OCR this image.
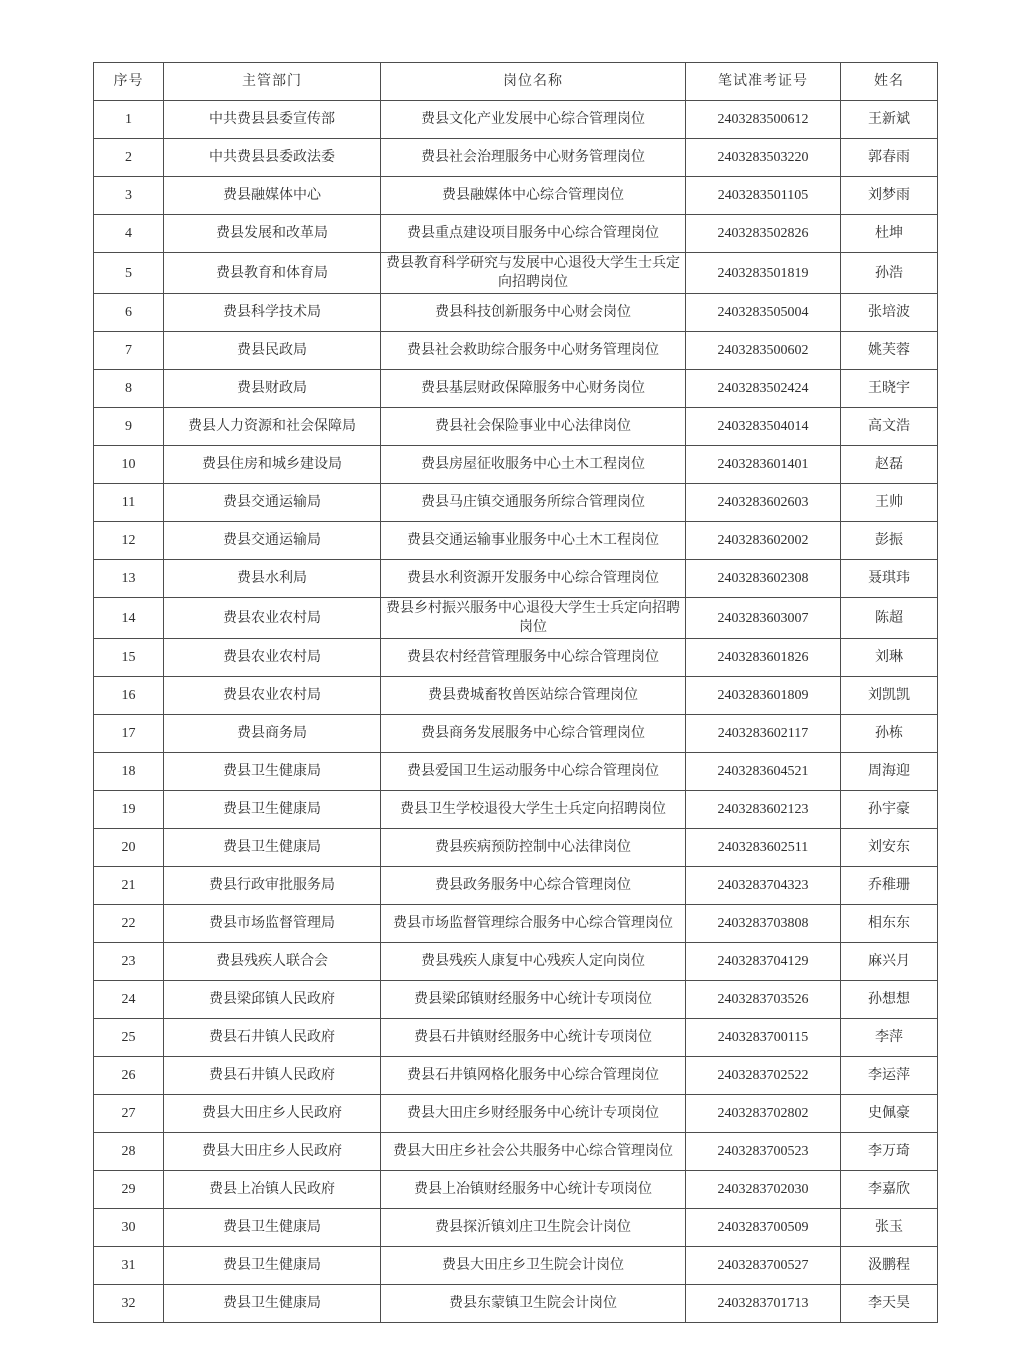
序号	主管部门	岗位名称	笔试准考证号	姓名
1	中共费县县委宣传部	费县文化产业发展中心综合管理岗位	2403283500612	王新斌
2	中共费县县委政法委	费县社会治理服务中心财务管理岗位	2403283503220	郭春雨
3	费县融媒体中心	费县融媒体中心综合管理岗位	2403283501105	刘梦雨
4	费县发展和改革局	费县重点建设项目服务中心综合管理岗位	2403283502826	杜坤
5	费县教育和体育局	费县教育科学研究与发展中心退役大学生士兵定向招聘岗位	2403283501819	孙浩
6	费县科学技术局	费县科技创新服务中心财会岗位	2403283505004	张培波
7	费县民政局	费县社会救助综合服务中心财务管理岗位	2403283500602	姚芙蓉
8	费县财政局	费县基层财政保障服务中心财务岗位	2403283502424	王晓宇
9	费县人力资源和社会保障局	费县社会保险事业中心法律岗位	2403283504014	高文浩
10	费县住房和城乡建设局	费县房屋征收服务中心土木工程岗位	2403283601401	赵磊
11	费县交通运输局	费县马庄镇交通服务所综合管理岗位	2403283602603	王帅
12	费县交通运输局	费县交通运输事业服务中心土木工程岗位	2403283602002	彭振
13	费县水利局	费县水利资源开发服务中心综合管理岗位	2403283602308	聂琪玮
14	费县农业农村局	费县乡村振兴服务中心退役大学生士兵定向招聘岗位	2403283603007	陈超
15	费县农业农村局	费县农村经营管理服务中心综合管理岗位	2403283601826	刘琳
16	费县农业农村局	费县费城畜牧兽医站综合管理岗位	2403283601809	刘凯凯
17	费县商务局	费县商务发展服务中心综合管理岗位	2403283602117	孙栋
18	费县卫生健康局	费县爱国卫生运动服务中心综合管理岗位	2403283604521	周海迎
19	费县卫生健康局	费县卫生学校退役大学生士兵定向招聘岗位	2403283602123	孙宇豪
20	费县卫生健康局	费县疾病预防控制中心法律岗位	2403283602511	刘安东
21	费县行政审批服务局	费县政务服务中心综合管理岗位	2403283704323	乔稚珊
22	费县市场监督管理局	费县市场监督管理综合服务中心综合管理岗位	2403283703808	相东东
23	费县残疾人联合会	费县残疾人康复中心残疾人定向岗位	2403283704129	麻兴月
24	费县梁邱镇人民政府	费县梁邱镇财经服务中心统计专项岗位	2403283703526	孙想想
25	费县石井镇人民政府	费县石井镇财经服务中心统计专项岗位	2403283700115	李萍
26	费县石井镇人民政府	费县石井镇网格化服务中心综合管理岗位	2403283702522	李运萍
27	费县大田庄乡人民政府	费县大田庄乡财经服务中心统计专项岗位	2403283702802	史佩豪
28	费县大田庄乡人民政府	费县大田庄乡社会公共服务中心综合管理岗位	2403283700523	李万琦
29	费县上冶镇人民政府	费县上冶镇财经服务中心统计专项岗位	2403283702030	李嘉欣
30	费县卫生健康局	费县探沂镇刘庄卫生院会计岗位	2403283700509	张玉
31	费县卫生健康局	费县大田庄乡卫生院会计岗位	2403283700527	汲鹏程
32	费县卫生健康局	费县东蒙镇卫生院会计岗位	2403283701713	李天昊
